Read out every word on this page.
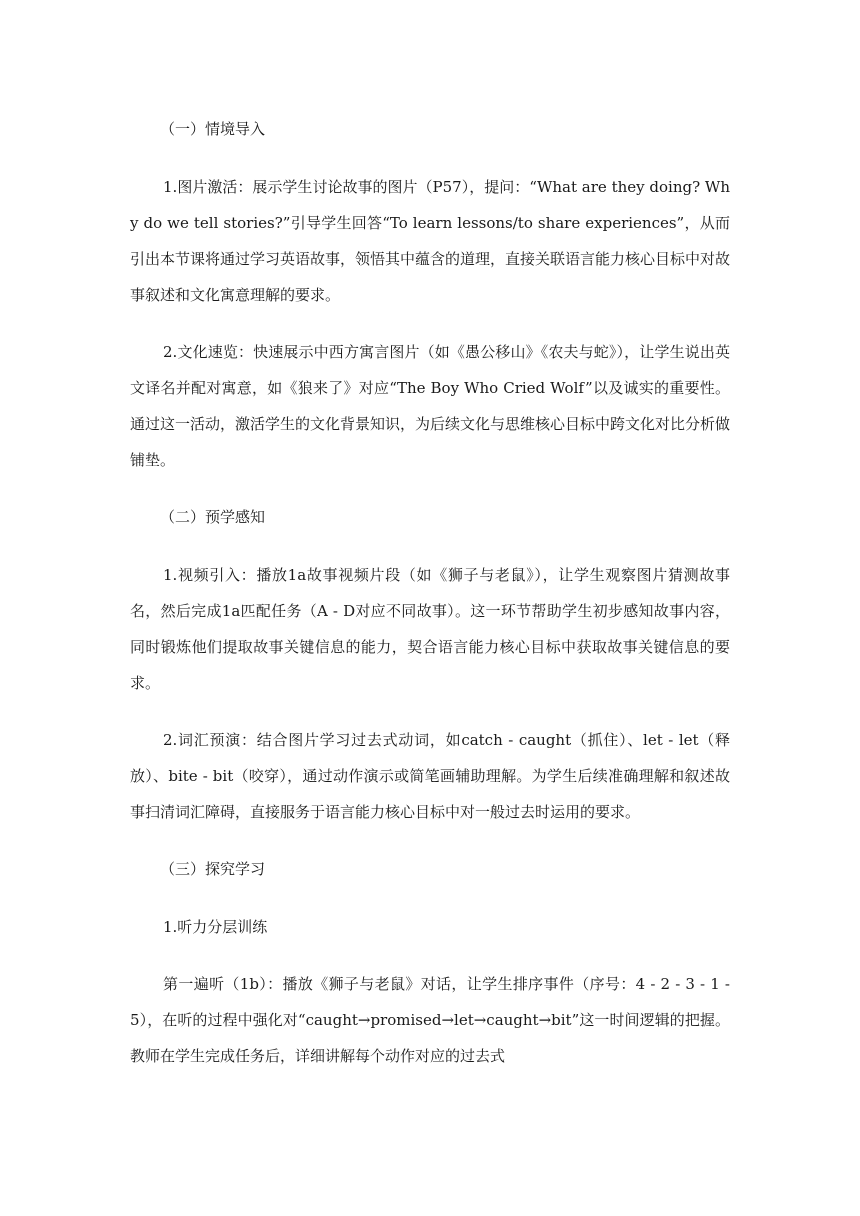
（一）情境导入

1.图片激活：展示学生讨论故事的图片（P57），提问：“What are they doing? Why do we tell stories?”引导学生回答“To learn lessons/to share experiences”，从而引出本节课将通过学习英语故事，领悟其中蕴含的道理，直接关联语言能力核心目标中对故事叙述和文化寓意理解的要求。

2.文化速览：快速展示中西方寓言图片（如《愚公移山》《农夫与蛇》），让学生说出英文译名并配对寓意，如《狼来了》对应“The Boy Who Cried Wolf”以及诚实的重要性。通过这一活动，激活学生的文化背景知识，为后续文化与思维核心目标中跨文化对比分析做铺垫。

（二）预学感知

1.视频引入：播放1a故事视频片段（如《狮子与老鼠》），让学生观察图片猜测故事名，然后完成1a匹配任务（A - D对应不同故事）。这一环节帮助学生初步感知故事内容，同时锻炼他们提取故事关键信息的能力，契合语言能力核心目标中获取故事关键信息的要求。

2.词汇预演：结合图片学习过去式动词，如catch - caught（抓住）、let - let（释放）、bite - bit（咬穿），通过动作演示或简笔画辅助理解。为学生后续准确理解和叙述故事扫清词汇障碍，直接服务于语言能力核心目标中对一般过去时运用的要求。

（三）探究学习
1.听力分层训练

第一遍听（1b）：播放《狮子与老鼠》对话，让学生排序事件（序号：4 - 2 - 3 - 1 - 5），在听的过程中强化对“caught→promised→let→caught→bit”这一时间逻辑的把握。教师在学生完成任务后，详细讲解每个动作对应的过去式
